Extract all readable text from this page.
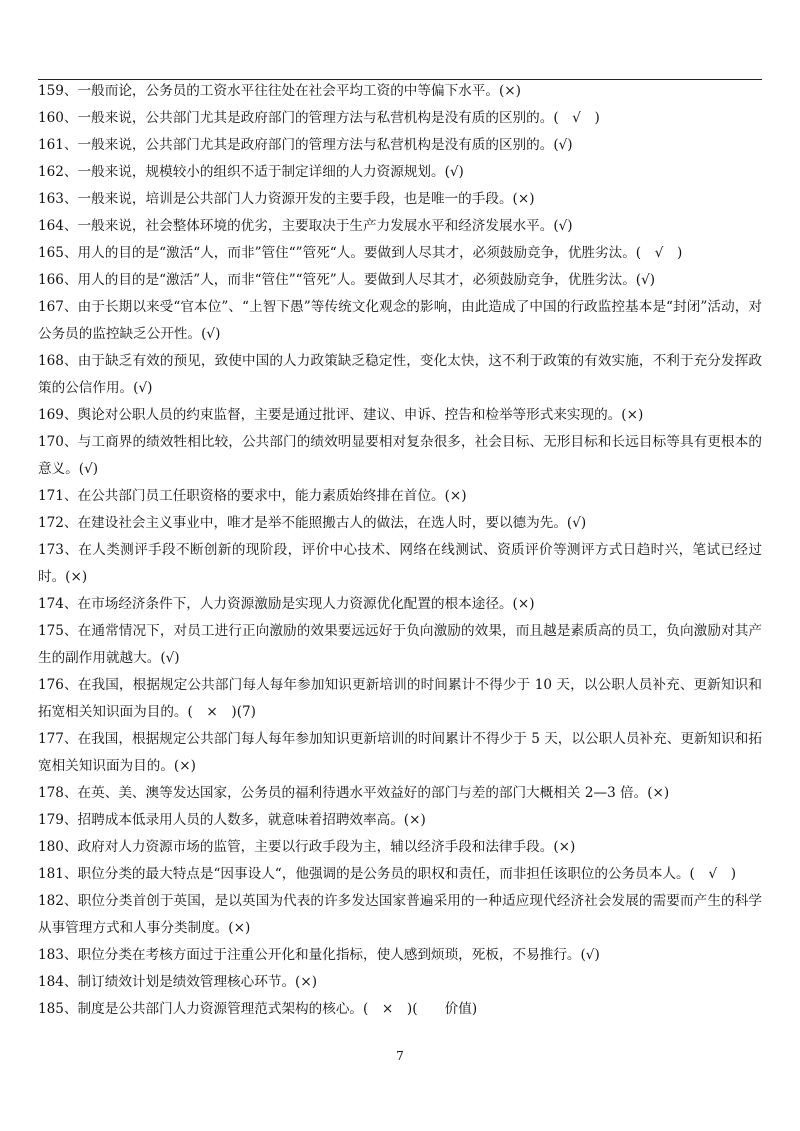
159、一般而论，公务员的工资水平往往处在社会平均工资的中等偏下水平。(×)

160、一般来说，公共部门尤其是政府部门的管理方法与私营机构是没有质的区别的。(　√　)

161、一般来说，公共部门尤其是政府部门的管理方法与私营机构是没有质的区别的。(√)

162、一般来说，规模较小的组织不适于制定详细的人力资源规划。(√)

163、一般来说，培训是公共部门人力资源开发的主要手段，也是唯一的手段。(×)

164、一般来说，社会整体环境的优劣，主要取决于生产力发展水平和经济发展水平。(√)

165、用人的目的是“激活“人，而非”管住“”管死“人。要做到人尽其才，必须鼓励竞争，优胜劣汰。(　√　)

166、用人的目的是“激活”人，而非“管住”“管死”人。要做到人尽其才，必须鼓励竞争，优胜劣汰。(√)

167、由于长期以来受“官本位”、“上智下愚”等传统文化观念的影响，由此造成了中国的行政监控基本是“封闭”活动，对公务员的监控缺乏公开性。(√)

168、由于缺乏有效的预见，致使中国的人力政策缺乏稳定性，变化太快，这不利于政策的有效实施，不利于充分发挥政策的公信作用。(√)

169、舆论对公职人员的约束监督，主要是通过批评、建议、申诉、控告和检举等形式来实现的。(×)

170、与工商界的绩效牲相比较，公共部门的绩效明显要相对复杂很多，社会目标、无形目标和长远目标等具有更根本的意义。(√)

171、在公共部门员工任职资格的要求中，能力素质始终排在首位。(×)

172、在建设社会主义事业中，唯才是举不能照搬古人的做法，在选人时，要以德为先。(√)

173、在人类测评手段不断创新的现阶段，评价中心技术、网络在线测试、资质评价等测评方式日趋时兴，笔试已经过时。(×)

174、在市场经济条件下，人力资源激励是实现人力资源优化配置的根本途径。(×)

175、在通常情况下，对员工进行正向激励的效果要远远好于负向激励的效果，而且越是素质高的员工，负向激励对其产生的副作用就越大。(√)

176、在我国，根据规定公共部门每人每年参加知识更新培训的时间累计不得少于 10 天，以公职人员补充、更新知识和拓宽相关知识面为目的。(　×　)(7)

177、在我国，根据规定公共部门每人每年参加知识更新培训的时间累计不得少于 5 天，以公职人员补充、更新知识和拓宽相关知识面为目的。(×)

178、在英、美、澳等发达国家，公务员的福利待遇水平效益好的部门与差的部门大概相关 2—3 倍。(×)

179、招聘成本低录用人员的人数多，就意味着招聘效率高。(×)

180、政府对人力资源市场的监管，主要以行政手段为主，辅以经济手段和法律手段。(×)

181、职位分类的最大特点是“因事设人“，他强调的是公务员的职权和责任，而非担任该职位的公务员本人。(　√　)

182、职位分类首创于英国，是以英国为代表的许多发达国家普遍采用的一种适应现代经济社会发展的需要而产生的科学从事管理方式和人事分类制度。(×)

183、职位分类在考核方面过于注重公开化和量化指标，使人感到烦琐，死板，不易推行。(√)

184、制订绩效计划是绩效管理核心环节。(×)

185、制度是公共部门人力资源管理范式架构的核心。(　×　)(　　价值)

7
